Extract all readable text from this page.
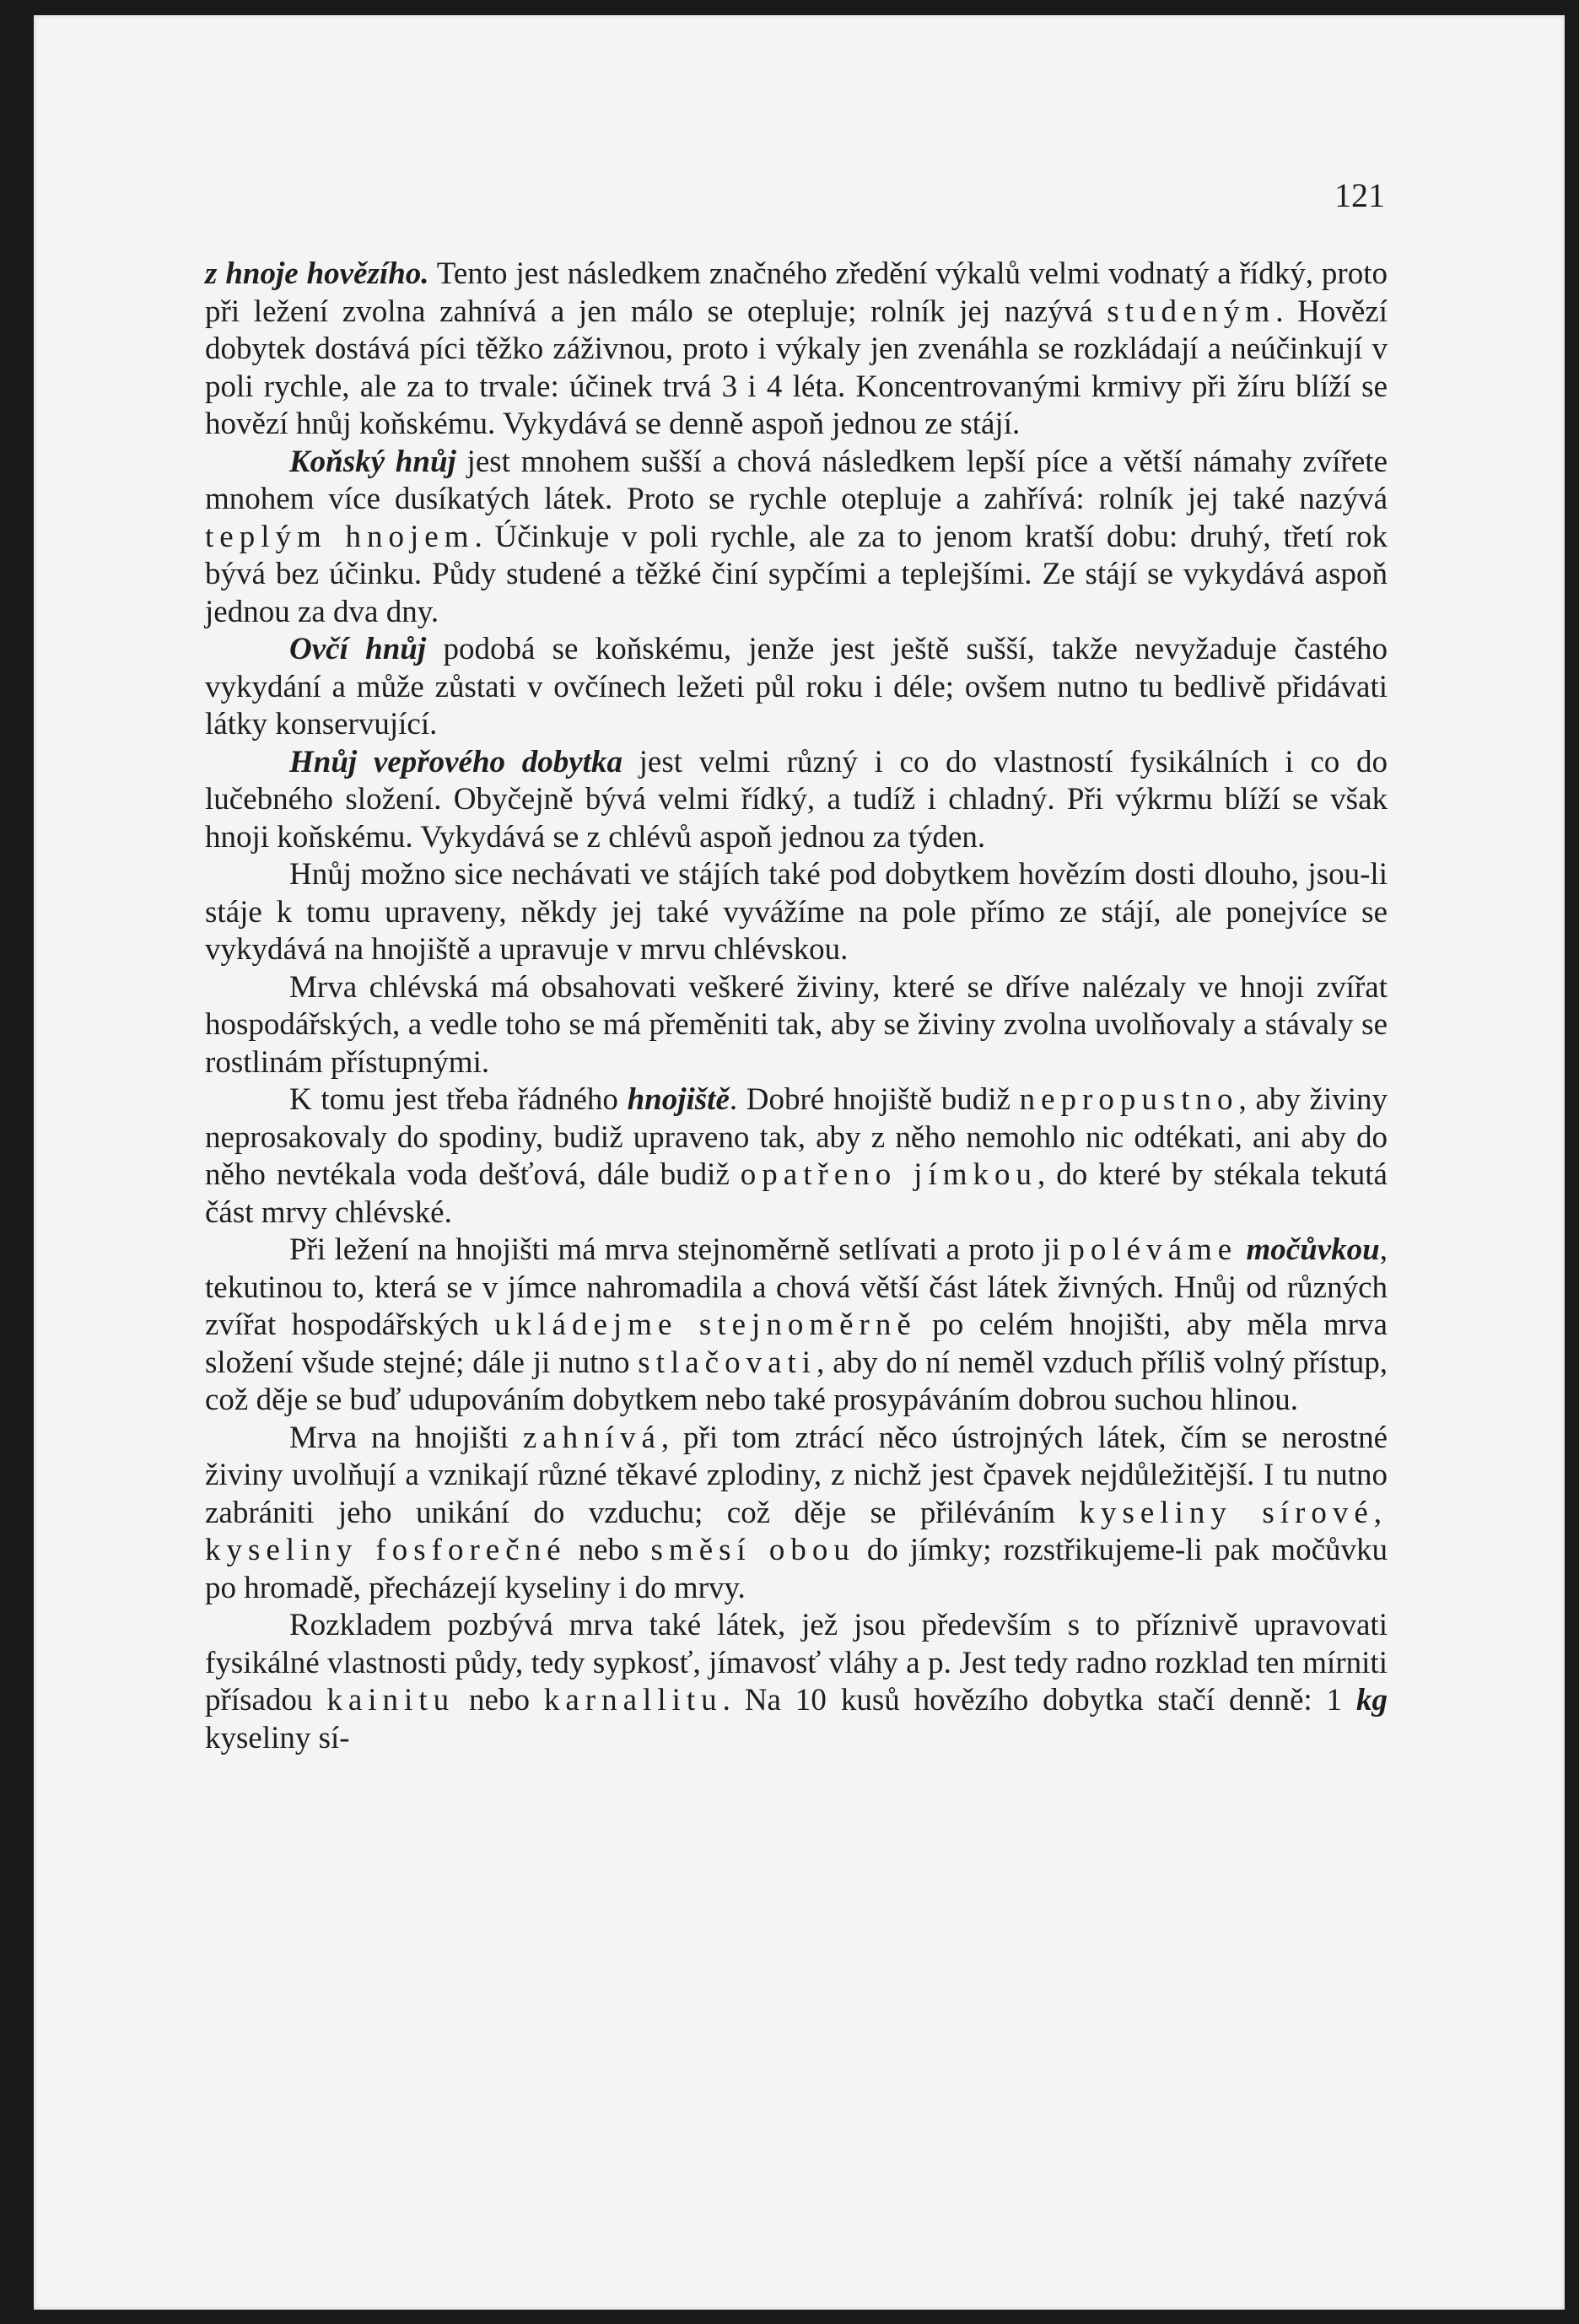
121

z hnoje hovězího. Tento jest následkem značného zředění výkalů velmi vodnatý a řídký, proto při ležení zvolna zahnívá a jen málo se otepluje; rolník jej nazývá studeným. Hovězí dobytek dostává píci těžko záživnou, proto i výkaly jen zvenáhla se rozkládají a neúčinkují v poli rychle, ale za to trvale: účinek trvá 3 i 4 léta. Koncentrovanými krmivy při žíru blíží se hovězí hnůj koňskému. Vykydává se denně aspoň jednou ze stájí.

Koňský hnůj jest mnohem sušší a chová následkem lepší píce a větší námahy zvířete mnohem více dusíkatých látek. Proto se rychle otepluje a zahřívá: rolník jej také nazývá teplým hnojem. Účinkuje v poli rychle, ale za to jenom kratší dobu: druhý, třetí rok bývá bez účinku. Půdy studené a těžké činí sypčími a teplejšími. Ze stájí se vykydává aspoň jednou za dva dny.

Ovčí hnůj podobá se koňskému, jenže jest ještě sušší, takže nevyžaduje častého vykydání a může zůstati v ovčínech ležeti půl roku i déle; ovšem nutno tu bedlivě přidávati látky konservující.

Hnůj vepřového dobytka jest velmi různý i co do vlastností fysikálních i co do lučebného složení. Obyčejně bývá velmi řídký, a tudíž i chladný. Při výkrmu blíží se však hnoji koňskému. Vykydává se z chlévů aspoň jednou za týden.

Hnůj možno sice nechávati ve stájích také pod dobytkem hovězím dosti dlouho, jsou-li stáje k tomu upraveny, někdy jej také vyvážíme na pole přímo ze stájí, ale ponejvíce se vykydává na hnojiště a upravuje v mrvu chlévskou.

Mrva chlévská má obsahovati veškeré živiny, které se dříve nalézaly ve hnoji zvířat hospodářských, a vedle toho se má přeměniti tak, aby se živiny zvolna uvolňovaly a stávaly se rostlinám přístupnými.

K tomu jest třeba řádného hnojiště. Dobré hnojiště budiž nepropustno, aby živiny neprosakovaly do spodiny, budiž upraveno tak, aby z něho nemohlo nic odtékati, ani aby do něho nevtékala voda dešťová, dále budiž opatřeno jímkou, do které by stékala tekutá část mrvy chlévské.

Při ležení na hnojišti má mrva stejnoměrně setlívati a proto ji poléváme močůvkou, tekutinou to, která se v jímce nahromadila a chová větší část látek živných. Hnůj od různých zvířat hospodářských ukládejme stejnoměrně po celém hnojišti, aby měla mrva složení všude stejné; dále ji nutno stlačovati, aby do ní neměl vzduch příliš volný přístup, což děje se buď udupováním dobytkem nebo také prosypáváním dobrou suchou hlinou.

Mrva na hnojišti zahnívá, při tom ztrácí něco ústrojných látek, čím se nerostné živiny uvolňují a vznikají různé těkavé zplodiny, z nichž jest čpavek nejdůležitější. I tu nutno zabrániti jeho unikání do vzduchu; což děje se přiléváním kyseliny sírové, kyseliny fosforečné nebo směsí obou do jímky; rozstřikujeme-li pak močůvku po hromadě, přecházejí kyseliny i do mrvy.

Rozkladem pozbývá mrva také látek, jež jsou především s to příznivě upravovati fysikálné vlastnosti půdy, tedy sypkosť, jímavosť vláhy a p. Jest tedy radno rozklad ten mírniti přísadou kainitu nebo karnallitu. Na 10 kusů hovězího dobytka stačí denně: 1 kg kyseliny sí-
